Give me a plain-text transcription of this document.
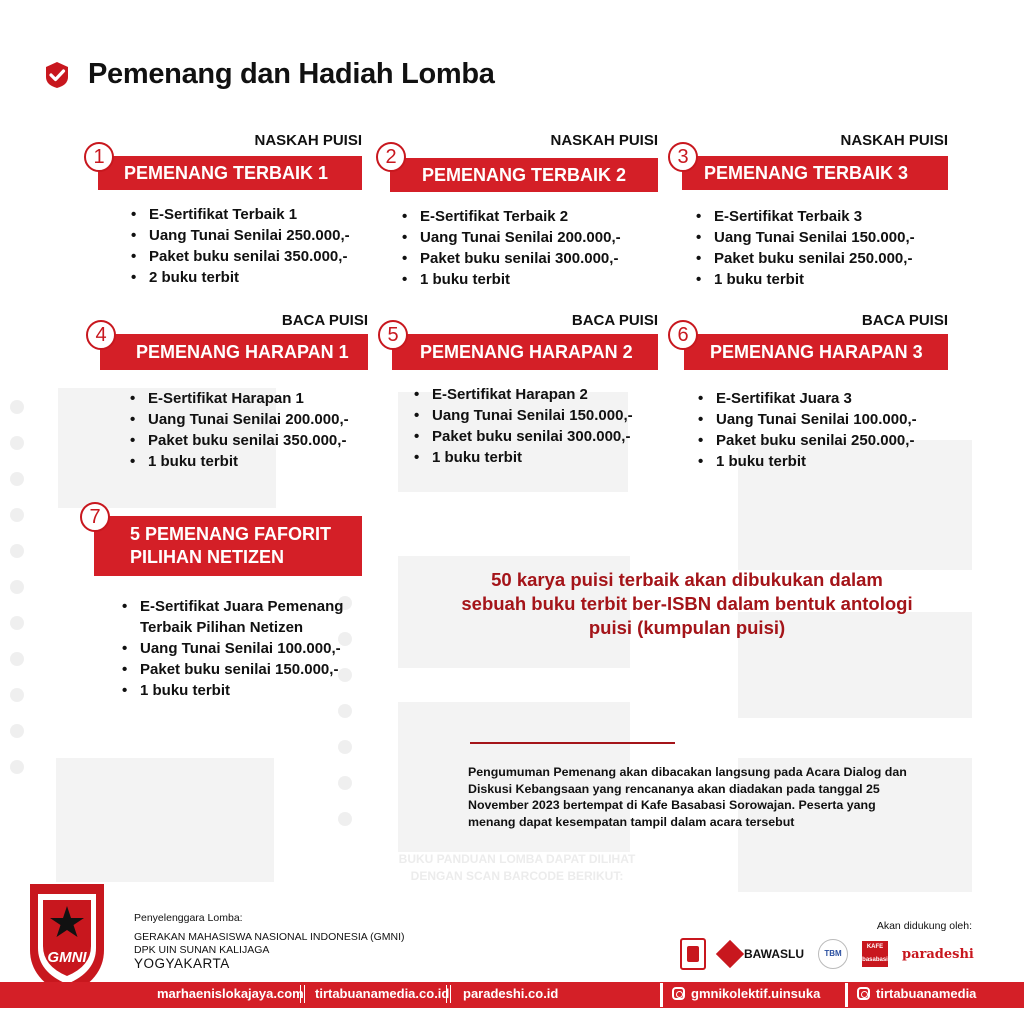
Pemenang dan Hadiah Lomba
NASKAH PUISI
1
PEMENANG TERBAIK 1
• E-Sertifikat Terbaik 1
• Uang Tunai Senilai 250.000,-
• Paket buku senilai 350.000,-
• 2 buku terbit
NASKAH PUISI
2
PEMENANG TERBAIK 2
• E-Sertifikat Terbaik 2
• Uang Tunai Senilai 200.000,-
• Paket buku senilai 300.000,-
• 1 buku terbit
NASKAH PUISI
3
PEMENANG TERBAIK 3
• E-Sertifikat Terbaik 3
• Uang Tunai Senilai 150.000,-
• Paket buku senilai 250.000,-
• 1 buku terbit
BACA PUISI
4
PEMENANG HARAPAN 1
• E-Sertifikat Harapan 1
• Uang Tunai Senilai 200.000,-
• Paket buku senilai 350.000,-
• 1 buku terbit
BACA PUISI
5
PEMENANG HARAPAN 2
• E-Sertifikat Harapan 2
• Uang Tunai Senilai 150.000,-
• Paket buku senilai 300.000,-
• 1 buku terbit
BACA PUISI
6
PEMENANG HARAPAN 3
• E-Sertifikat Juara 3
• Uang Tunai Senilai 100.000,-
• Paket buku senilai 250.000,-
• 1 buku terbit
7
5 PEMENANG FAFORIT
PILIHAN NETIZEN
• E-Sertifikat Juara Pemenang
Terbaik Pilihan Netizen
• Uang Tunai Senilai 100.000,-
• Paket buku senilai 150.000,-
• 1 buku terbit
50 karya puisi terbaik akan dibukukan dalam
sebuah buku terbit ber-ISBN dalam bentuk antologi
puisi (kumpulan puisi)
Pengumuman Pemenang akan dibacakan langsung pada Acara Dialog dan Diskusi Kebangsaan yang rencananya akan diadakan pada tanggal 25 November 2023 bertempat di Kafe Basabasi Sorowajan. Peserta yang menang dapat kesempatan tampil dalam acara tersebut
BUKU PANDUAN LOMBA DAPAT DILIHAT
DENGAN SCAN BARCODE BERIKUT:
GMNI
Penyelenggara Lomba:
GERAKAN MAHASISWA NASIONAL INDONESIA (GMNI)
DPK UIN SUNAN KALIJAGA
YOGYAKARTA
Akan didukung oleh:
BAWASLU	TBM
KAFE basabasi paradeshi
marhaenislokajaya.com tirtabuanamedia.co.id paradeshi.co.id	gmnikolektif.uinsuka	tirtabuanamedia
